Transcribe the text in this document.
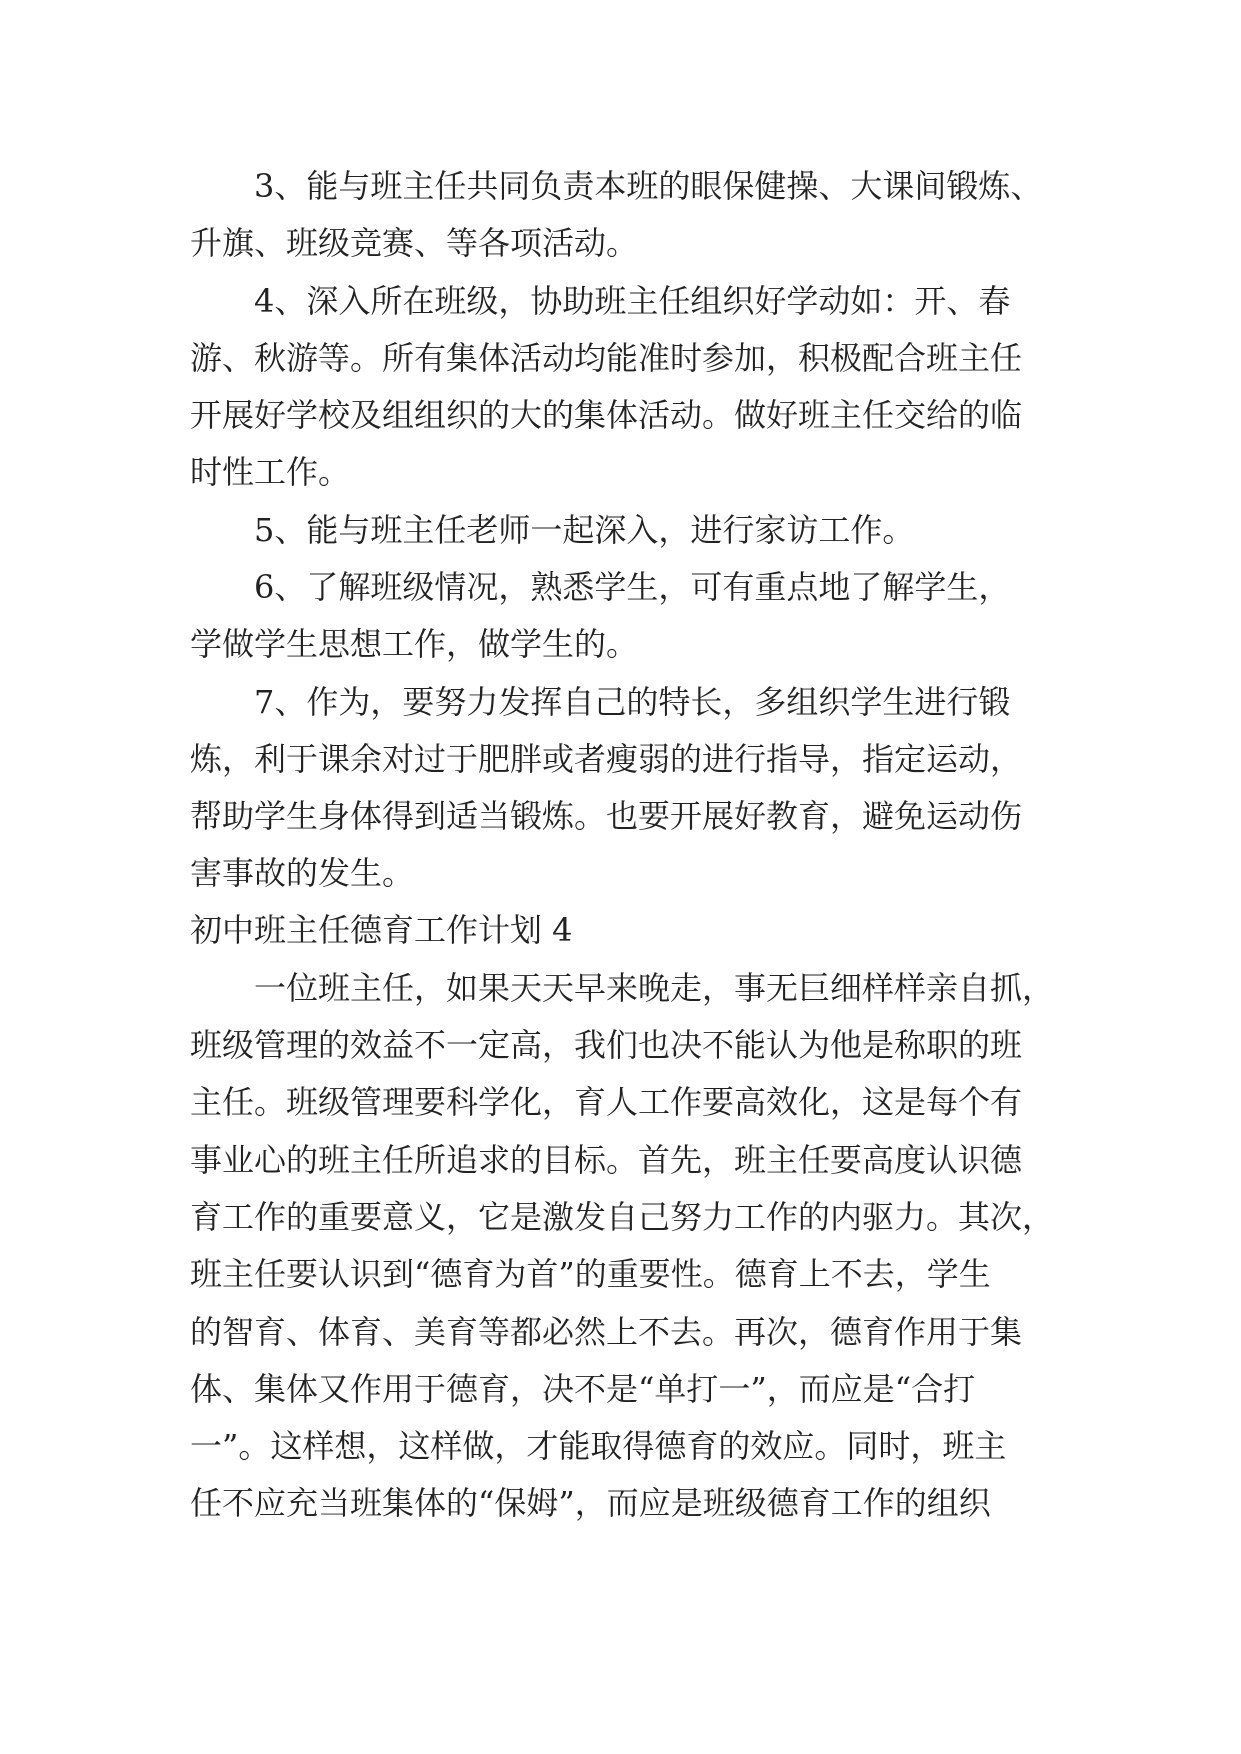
3、能与班主任共同负责本班的眼保健操、大课间锻炼、
升旗、班级竞赛、等各项活动。
4、深入所在班级，协助班主任组织好学动如：开、春
游、秋游等。所有集体活动均能准时参加，积极配合班主任
开展好学校及组组织的大的集体活动。做好班主任交给的临
时性工作。
5、能与班主任老师一起深入，进行家访工作。
6、了解班级情况，熟悉学生，可有重点地了解学生，
学做学生思想工作，做学生的。
7、作为，要努力发挥自己的特长，多组织学生进行锻
炼，利于课余对过于肥胖或者瘦弱的进行指导，指定运动，
帮助学生身体得到适当锻炼。也要开展好教育，避免运动伤
害事故的发生。
初中班主任德育工作计划 4
一位班主任，如果天天早来晚走，事无巨细样样亲自抓，
班级管理的效益不一定高，我们也决不能认为他是称职的班
主任。班级管理要科学化，育人工作要高效化，这是每个有
事业心的班主任所追求的目标。首先，班主任要高度认识德
育工作的重要意义，它是激发自己努力工作的内驱力。其次，
班主任要认识到“德育为首”的重要性。德育上不去，学生
的智育、体育、美育等都必然上不去。再次，德育作用于集
体、集体又作用于德育，决不是“单打一”，而应是“合打
一”。这样想，这样做，才能取得德育的效应。同时，班主
任不应充当班集体的“保姆”，而应是班级德育工作的组织
